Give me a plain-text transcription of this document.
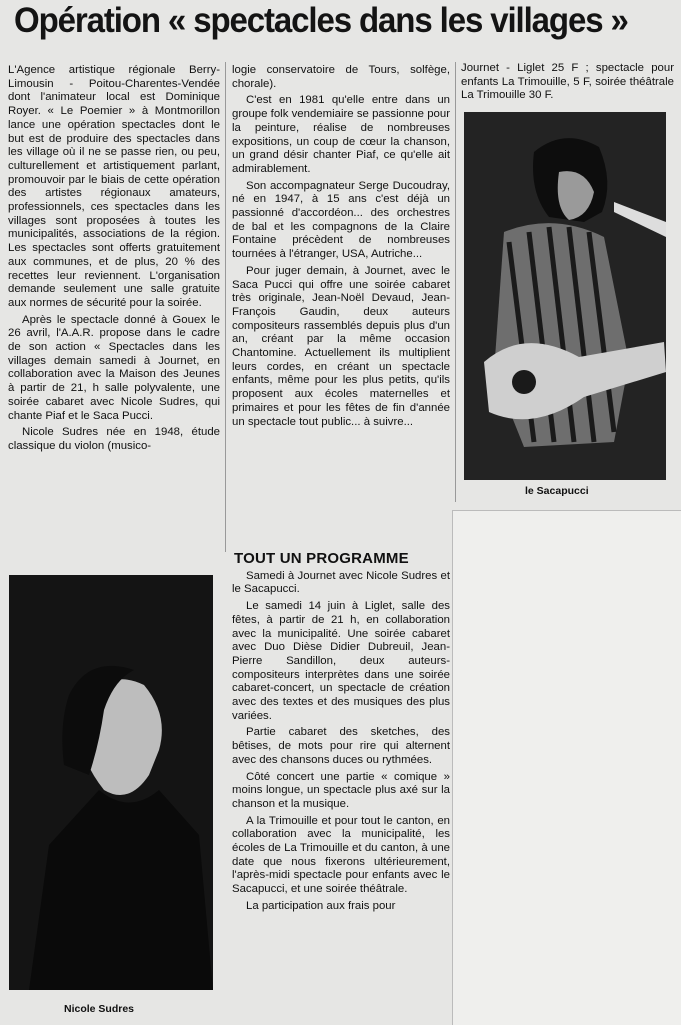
Opération « spectacles dans les villages »

L'Agence artistique régionale Berry-Limousin - Poitou-Charentes-Vendée dont l'animateur local est Dominique Royer. « Le Poemier » à Montmorillon lance une opération spectacles dont le but est de produire des spectacles dans les village où il ne se passe rien, ou peu, culturellement et artistiquement parlant, promouvoir par le biais de cette opération des artistes régionaux amateurs, professionnels, ces spectacles dans les villages sont proposées à toutes les municipalités, associations de la région. Les spectacles sont offerts gratuitement aux communes, et de plus, 20 % des recettes leur reviennent. L'organisation demande seulement une salle gratuite aux normes de sécurité pour la soirée.

Après le spectacle donné à Gouex le 26 avril, l'A.A.R. propose dans le cadre de son action « Spectacles dans les villages demain samedi à Journet, en collaboration avec la Maison des Jeunes à partir de 21, h salle polyvalente, une soirée cabaret avec Nicole Sudres, qui chante Piaf et le Saca Pucci.

Nicole Sudres née en 1948, étude classique du violon (musico-

Nicole Sudres

logie conservatoire de Tours, solfège, chorale).

C'est en 1981 qu'elle entre dans un groupe folk vendemiaire se passionne pour la peinture, réalise de nombreuses expositions, un coup de cœur la chanson, un grand désir chanter Piaf, ce qu'elle ait admirablement.

Son accompagnateur Serge Ducoudray, né en 1947, à 15 ans c'est déjà un passionné d'accordéon... des orchestres de bal et les compagnons de la Claire Fontaine précèdent de nombreuses tournées à l'étranger, USA, Autriche...

Pour juger demain, à Journet, avec le Saca Pucci qui offre une soirée cabaret très originale, Jean-Noël Devaud, Jean-François Gaudin, deux auteurs compositeurs rassemblés depuis plus d'un an, créant par la même occasion Chantomine. Actuellement ils multiplient leurs cordes, en créant un spectacle enfants, même pour les plus petits, qu'ils proposent aux écoles maternelles et primaires et pour les fêtes de fin d'année un spectacle tout public... à suivre...

TOUT UN PROGRAMME

Samedi à Journet avec Nicole Sudres et le Sacapucci.

Le samedi 14 juin à Liglet, salle des fêtes, à partir de 21 h, en collaboration avec la municipalité. Une soirée cabaret avec Duo Dièse Didier Dubreuil, Jean-Pierre Sandillon, deux auteurs-compositeurs interprètes dans une soirée cabaret-concert, un spectacle de création avec des textes et des musiques des plus variées.

Partie cabaret des sketches, des bêtises, de mots pour rire qui alternent avec des chansons duces ou rythmées.

Côté concert une partie « comique » moins longue, un spectacle plus axé sur la chanson et la musique.

A la Trimouille et pour tout le canton, en collaboration avec la municipalité, les écoles de La Trimouille et du canton, à une date que nous fixerons ultérieurement, l'après-midi spectacle pour enfants avec le Sacapucci, et une soirée théâtrale.

La participation aux frais pour

Journet - Liglet 25 F ; spectacle pour enfants La Trimouille, 5 F, soirée théâtrale La Trimouille 30 F.

le Sacapucci
